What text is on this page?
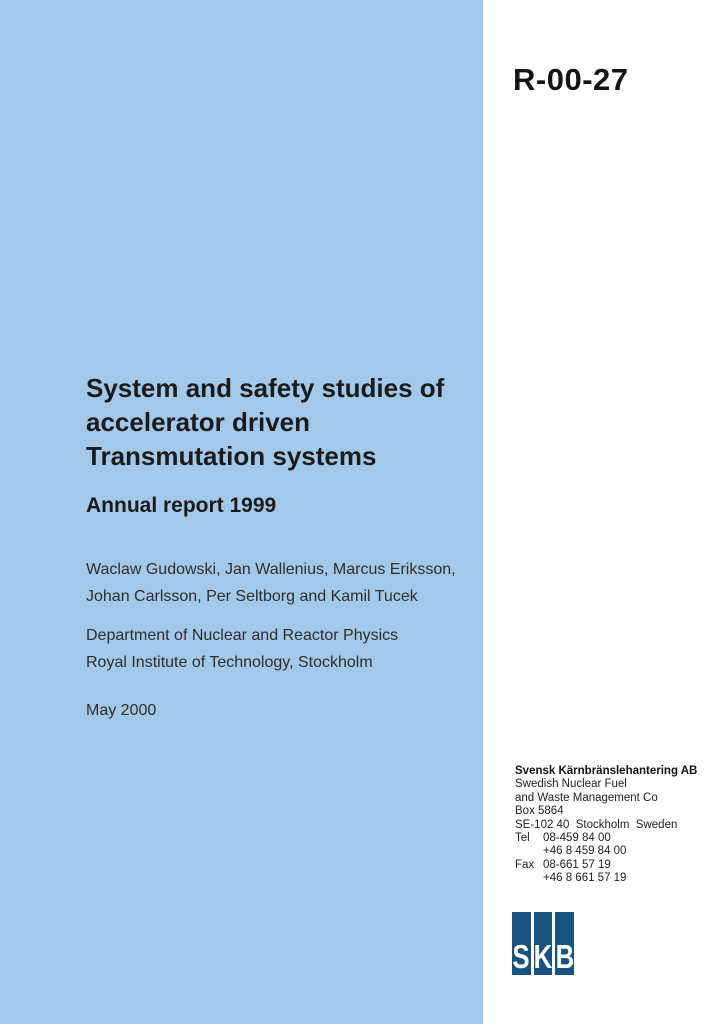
R-00-27
System and safety studies of
accelerator driven
Transmutation systems
Annual report 1999
Waclaw Gudowski, Jan Wallenius, Marcus Eriksson,
Johan Carlsson, Per Seltborg and Kamil Tucek
Department of Nuclear and Reactor Physics
Royal Institute of Technology, Stockholm
May 2000
Svensk Kärnbränslehantering AB
Swedish Nuclear Fuel
and Waste Management Co
Box 5864
SE-102 40  Stockholm  Sweden
Tel	08-459 84 00
+46 8 459 84 00
Fax 08-661 57 19
+46 8 661 57 19
S K B
